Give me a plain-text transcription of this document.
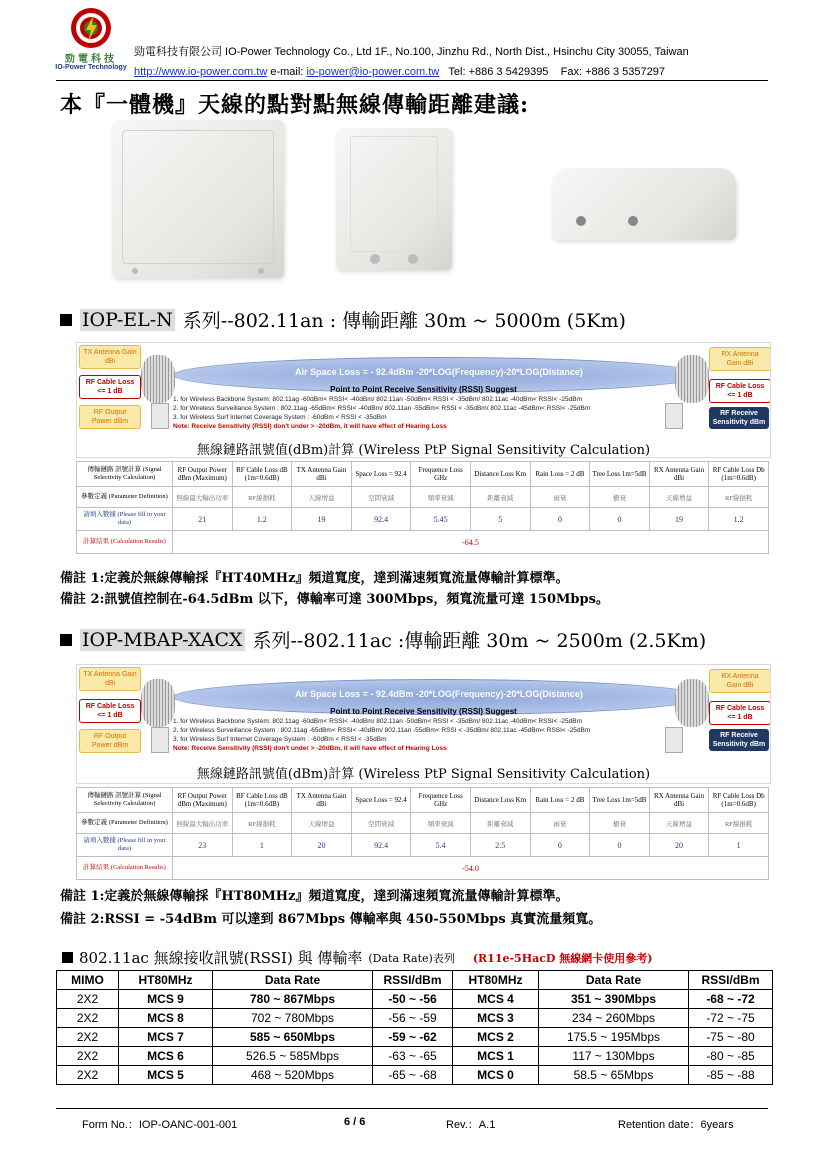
勁電科技
IO-Power Technology
勁電科技有限公司 IO-Power Technology Co., Ltd 1F., No.100, Jinzhu Rd., North Dist., Hsinchu City 30055, Taiwan
http://www.io-power.com.tw e-mail: io-power@io-power.com.tw Tel: +886 3 5429395 Fax: +886 3 5357297
本『一體機』天線的點對點無線傳輸距離建議:
IOP-EL-N 系列--802.11an : 傳輸距離 30m ~ 5000m (5Km)
Air Space Loss = - 92.4dBm -20*LOG(Frequency)-20*LOG(Distance)
TX Antenna Gain dBi
RF Cable Loss <= 1 dB
RF Output Power dBm
RX Antenna Gain dBi
RF Cable Loss <= 1 dB
RF Receive Sensitivity dBm
Point to Point Receive Sensitivity (RSSI) Suggest
1. for Wireless Backbone System: 802.11ag -60dBm< RSSI< -40dBm/ 802.11an -50dBm< RSSI < -35dBm/ 802.11ac -40dBm< RSSI< -25dBm
2. for Wireless Surveillance System : 802.11ag -65dBm< RSSI< -40dBm/ 802.11an -55dBm< RSSI < -35dBm/ 802.11ac -45dBm< RSSI< -25dBm
3. for Wireless Surf Internet Coverage System : -60dBm < RSSI < -35dBm
Note: Receive Sensitivity (RSSI) don't under > -20dBm, it will have effect of Hearing Loss
無線鏈路訊號值(dBm)計算 (Wireless PtP Signal Sensitivity Calculation)
傳輸鏈路 訊號計算 (Signal Selectivity Calculation)	RF Output Power dBm (Maximum)	RF Cable Loss dB (1m=0.6dB)	TX Antenna Gain dBi	Space Loss = 92.4	Frequence Loss GHz	Distance Loss Km	Rain Loss = 2 dB	Tree Loss 1m=5dB	RX Antenna Gain dBi	RF Cable Loss Db (1m=0.6dB)
參數定義 (Parameter Definition)	無線最大輸出功率	RF線損耗	天線增益	空間衰減	頻率衰減	距離衰減	雨衰	樹衰	天線增益	RF線損耗
請填入數據 (Please fill in your data)	21	1.2	19	92.4	5.45	5	0	0	19	1.2
計算結果 (Calculation Results)	-64.5									
備註 1:定義於無線傳輸採『HT40MHz』頻道寬度，達到滿速頻寬流量傳輸計算標準。
備註 2:訊號值控制在-64.5dBm 以下，傳輸率可達 300Mbps，頻寬流量可達 150Mbps。
IOP-MBAP-XACX 系列--802.11ac :傳輸距離 30m ~ 2500m (2.5Km)
Air Space Loss = - 92.4dBm -20*LOG(Frequency)-20*LOG(Distance)
TX Antenna Gain dBi
RF Cable Loss <= 1 dB
RF Output Power dBm
RX Antenna Gain dBi
RF Cable Loss <= 1 dB
RF Receive Sensitivity dBm
Point to Point Receive Sensitivity (RSSI) Suggest
1. for Wireless Backbone System: 802.11ag -60dBm< RSSI< -40dBm/ 802.11an -50dBm< RSSI < -35dBm/ 802.11ac -40dBm< RSSI< -25dBm
2. for Wireless Surveillance System : 802.11ag -65dBm< RSSI< -40dBm/ 802.11an -55dBm< RSSI < -35dBm/ 802.11ac -45dBm< RSSI< -25dBm
3. for Wireless Surf Internet Coverage System : -60dBm < RSSI < -35dBm
Note: Receive Sensitivity (RSSI) don't under > -20dBm, it will have effect of Hearing Loss
無線鏈路訊號值(dBm)計算 (Wireless PtP Signal Sensitivity Calculation)
傳輸鏈路 訊號計算 (Signal Selectivity Calculation)	RF Output Power dBm (Maximum)	RF Cable Loss dB (1m=0.6dB)	TX Antenna Gain dBi	Space Loss = 92.4	Frequence Loss GHz	Distance Loss Km	Rain Loss = 2 dB	Tree Loss 1m=5dB	RX Antenna Gain dBi	RF Cable Loss Db (1m=0.6dB)
參數定義 (Parameter Definition)	無線最大輸出功率	RF線損耗	天線增益	空間衰減	頻率衰減	距離衰減	雨衰	樹衰	天線增益	RF線損耗
請填入數據 (Please fill in your data)	23	1	20	92.4	5.4	2.5	0	0	20	1
計算結果 (Calculation Results)	-54.0									
備註 1:定義於無線傳輸採『HT80MHz』頻道寬度，達到滿速頻寬流量傳輸計算標準。
備註 2:RSSI = -54dBm 可以達到 867Mbps 傳輸率與 450-550Mbps 真實流量頻寬。
802.11ac 無線接收訊號(RSSI) 與 傳輸率 (Data Rate)表列 (R11e-5HacD 無線網卡使用參考)
MIMO	HT80MHz	Data Rate	RSSI/dBm	HT80MHz	Data Rate	RSSI/dBm
2X2	MCS 9	780 ~ 867Mbps	-50 ~ -56	MCS 4	351 ~ 390Mbps	-68 ~ -72
2X2	MCS 8	702 ~ 780Mbps	-56 ~ -59	MCS 3	234 ~ 260Mbps	-72 ~ -75
2X2	MCS 7	585 ~ 650Mbps	-59 ~ -62	MCS 2	175.5 ~ 195Mbps	-75 ~ -80
2X2	MCS 6	526.5 ~ 585Mbps	-63 ~ -65	MCS 1	117 ~ 130Mbps	-80 ~ -85
2X2	MCS 5	468 ~ 520Mbps	-65 ~ -68	MCS 0	58.5 ~ 65Mbps	-85 ~ -88
Form No.：IOP-OANC-001-001	6 / 6	Rev.：A.1	Retention date：6years
